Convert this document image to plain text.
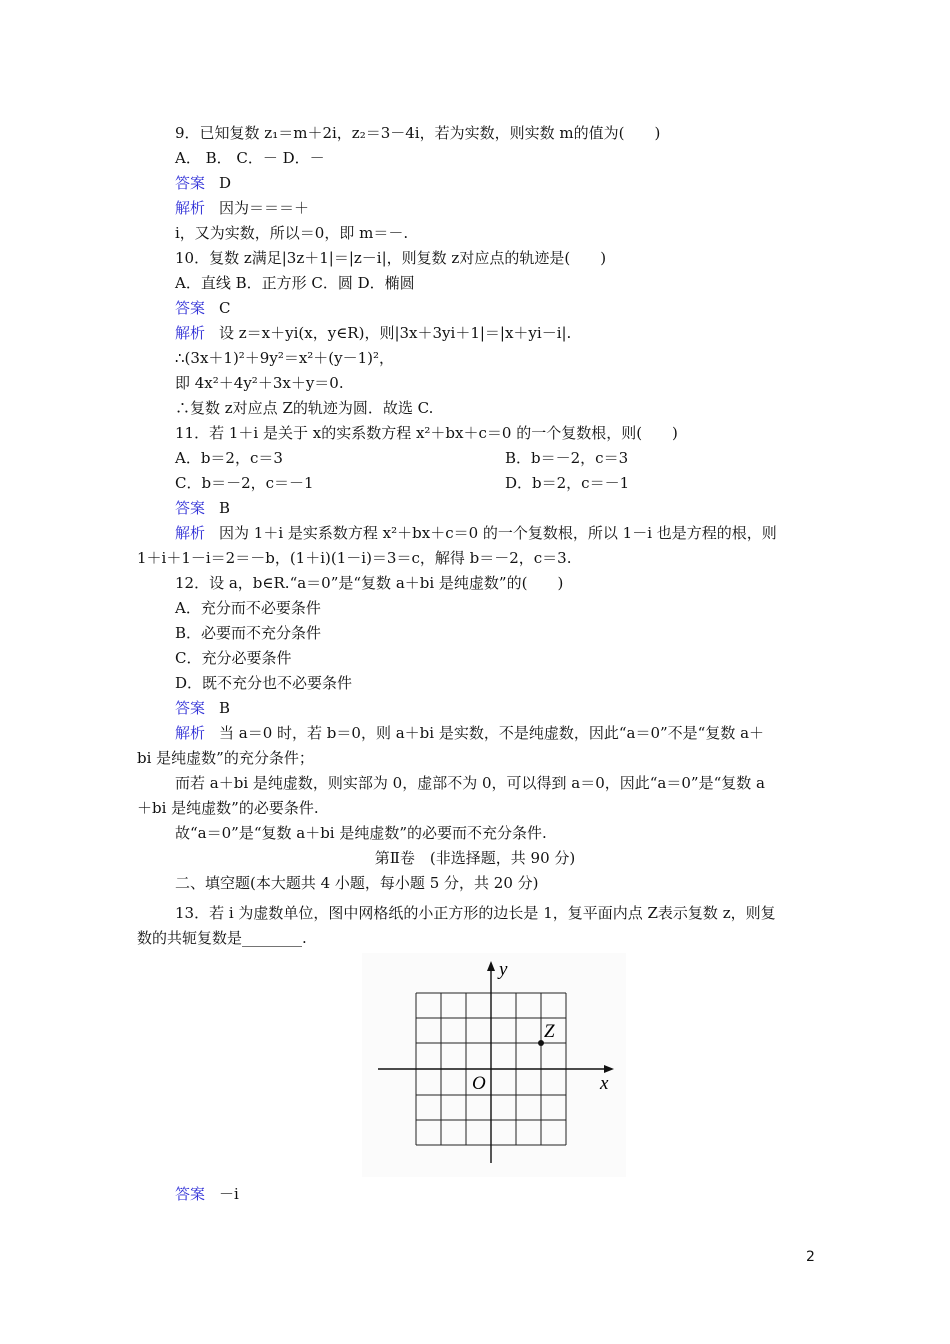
9．已知复数 z₁＝m＋2i，z₂＝3－4i，若为实数，则实数 m的值为(　　)
A． B． C．－ D．－
答案 D
解析 因为＝＝＝＋
i，又为实数，所以＝0，即 m＝－.
10．复数 z满足|3z＋1|＝|z－i|，则复数 z对应点的轨迹是(　　)
A．直线 B．正方形 C．圆 D．椭圆
答案 C
解析 设 z＝x＋yi(x，y∈R)，则|3x＋3yi＋1|＝|x＋yi－i|.
∴(3x＋1)²＋9y²＝x²＋(y－1)²，
即 4x²＋4y²＋3x＋y＝0.
∴复数 z对应点 Z的轨迹为圆．故选 C.
11．若 1＋i 是关于 x的实系数方程 x²＋bx＋c＝0 的一个复数根，则(　　)
A．b＝2，c＝3	B．b＝－2，c＝3
C．b＝－2，c＝－1	D．b＝2，c＝－1
答案 B
解析 因为 1＋i 是实系数方程 x²＋bx＋c＝0 的一个复数根，所以 1－i 也是方程的根，则
1＋i＋1－i＝2＝－b，(1＋i)(1－i)＝3＝c，解得 b＝－2，c＝3.
12．设 a，b∈R.“a＝0”是“复数 a＋bi 是纯虚数”的(　　)
A．充分而不必要条件
B．必要而不充分条件
C．充分必要条件
D．既不充分也不必要条件
答案 B
解析 当 a＝0 时，若 b＝0，则 a＋bi 是实数，不是纯虚数，因此“a＝0”不是“复数 a＋
bi 是纯虚数”的充分条件；
而若 a＋bi 是纯虚数，则实部为 0，虚部不为 0，可以得到 a＝0，因此“a＝0”是“复数 a
＋bi 是纯虚数”的必要条件.
故“a＝0”是“复数 a＋bi 是纯虚数”的必要而不充分条件.
第Ⅱ卷　(非选择题，共 90 分)
二、填空题(本大题共 4 小题，每小题 5 分，共 20 分)
13．若 i 为虚数单位，图中网格纸的小正方形的边长是 1，复平面内点 Z表示复数 z，则复
数的共轭复数是________.
x
y
O
Z
答案 －i
2
